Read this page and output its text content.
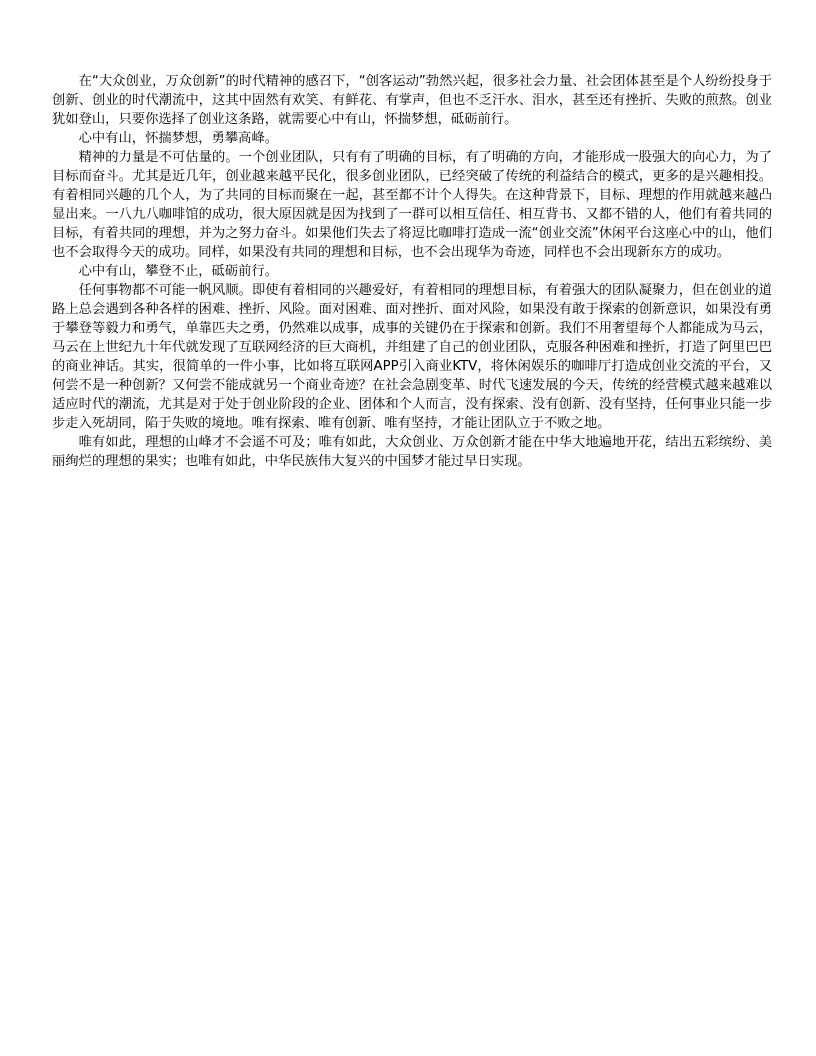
在“大众创业，万众创新”的时代精神的感召下，“创客运动”勃然兴起，很多社会力量、社会团体甚至是个人纷纷投身于创新、创业的时代潮流中，这其中固然有欢笑、有鲜花、有掌声，但也不乏汗水、泪水，甚至还有挫折、失败的煎熬。创业犹如登山，只要你选择了创业这条路，就需要心中有山，怀揣梦想，砥砺前行。

心中有山，怀揣梦想，勇攀高峰。

精神的力量是不可估量的。一个创业团队，只有有了明确的目标，有了明确的方向，才能形成一股强大的向心力，为了目标而奋斗。尤其是近几年，创业越来越平民化，很多创业团队，已经突破了传统的利益结合的模式，更多的是兴趣相投。有着相同兴趣的几个人，为了共同的目标而聚在一起，甚至都不计个人得失。在这种背景下，目标、理想的作用就越来越凸显出来。一八九八咖啡馆的成功，很大原因就是因为找到了一群可以相互信任、相互背书、又都不错的人，他们有着共同的目标，有着共同的理想，并为之努力奋斗。如果他们失去了将逗比咖啡打造成一流“创业交流”休闲平台这座心中的山，他们也不会取得今天的成功。同样，如果没有共同的理想和目标，也不会出现华为奇迹，同样也不会出现新东方的成功。

心中有山，攀登不止，砥砺前行。

任何事物都不可能一帆风顺。即使有着相同的兴趣爱好，有着相同的理想目标，有着强大的团队凝聚力，但在创业的道路上总会遇到各种各样的困难、挫折、风险。面对困难、面对挫折、面对风险，如果没有敢于探索的创新意识，如果没有勇于攀登等毅力和勇气，单靠匹夫之勇，仍然难以成事，成事的关键仍在于探索和创新。我们不用奢望每个人都能成为马云，马云在上世纪九十年代就发现了互联网经济的巨大商机，并组建了自己的创业团队，克服各种困难和挫折，打造了阿里巴巴的商业神话。其实，很简单的一件小事，比如将互联网APP引入商业KTV，将休闲娱乐的咖啡厅打造成创业交流的平台，又何尝不是一种创新？又何尝不能成就另一个商业奇迹？在社会急剧变革、时代飞速发展的今天，传统的经营模式越来越难以适应时代的潮流，尤其是对于处于创业阶段的企业、团体和个人而言，没有探索、没有创新、没有坚持，任何事业只能一步步走入死胡同，陷于失败的境地。唯有探索、唯有创新、唯有坚持，才能让团队立于不败之地。

唯有如此，理想的山峰才不会遥不可及；唯有如此，大众创业、万众创新才能在中华大地遍地开花，结出五彩缤纷、美丽绚烂的理想的果实；也唯有如此，中华民族伟大复兴的中国梦才能过早日实现。
